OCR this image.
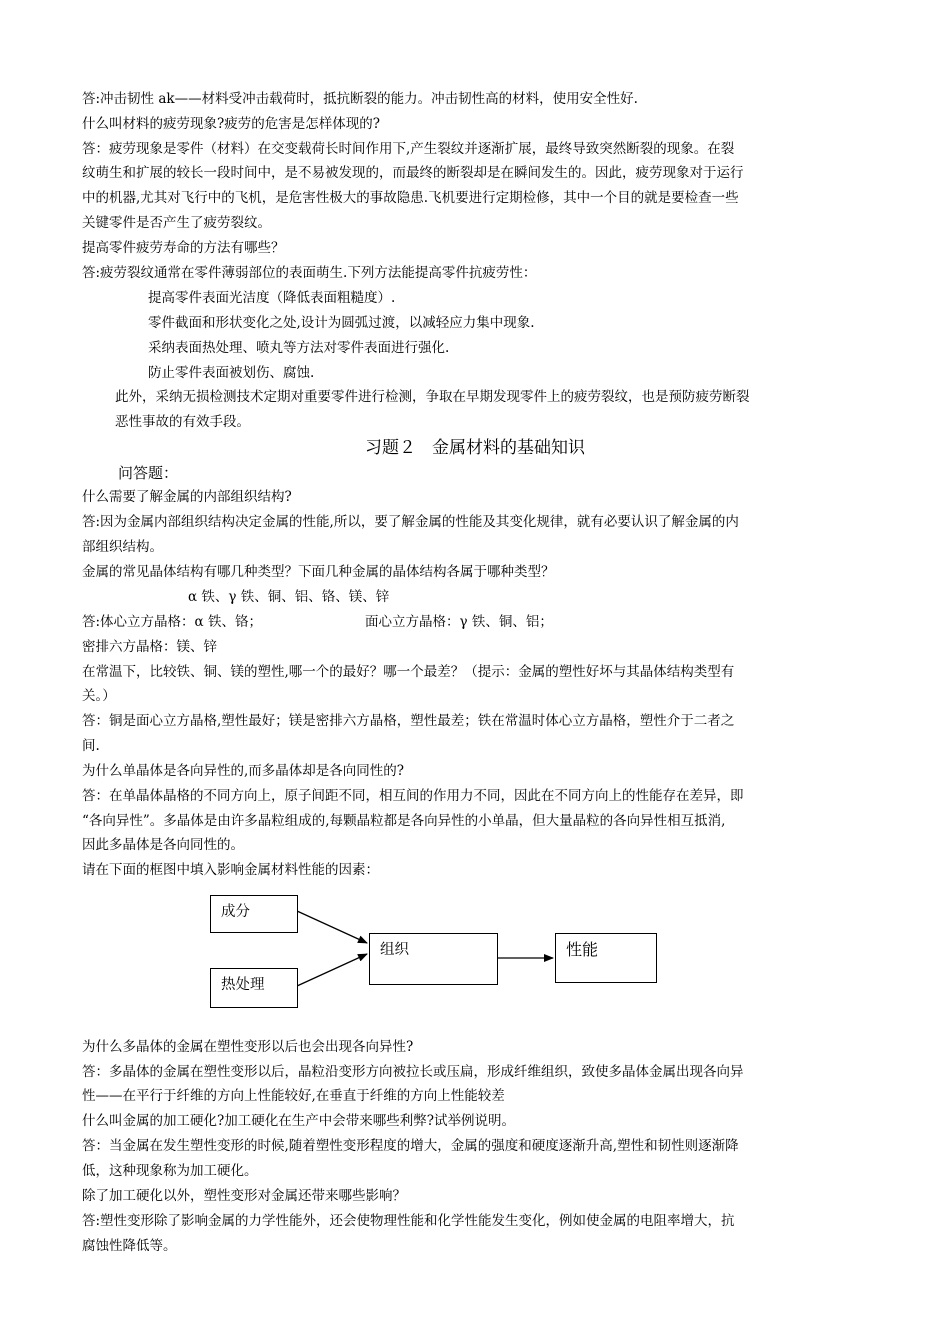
答:冲击韧性 ak——材料受冲击载荷时，抵抗断裂的能力。冲击韧性高的材料，使用安全性好.
什么叫材料的疲劳现象?疲劳的危害是怎样体现的?
答：疲劳现象是零件（材料）在交变载荷长时间作用下,产生裂纹并逐渐扩展，最终导致突然断裂的现象。在裂
纹萌生和扩展的较长一段时间中，是不易被发现的，而最终的断裂却是在瞬间发生的。因此，疲劳现象对于运行
中的机器,尤其对飞行中的飞机，是危害性极大的事故隐患.飞机要进行定期检修，其中一个目的就是要检查一些
关键零件是否产生了疲劳裂纹。
提高零件疲劳寿命的方法有哪些？
答:疲劳裂纹通常在零件薄弱部位的表面萌生.下列方法能提高零件抗疲劳性：
提高零件表面光洁度（降低表面粗糙度）.
零件截面和形状变化之处,设计为圆弧过渡，以减轻应力集中现象.
采纳表面热处理、喷丸等方法对零件表面进行强化.
防止零件表面被划伤、腐蚀.
此外，采纳无损检测技术定期对重要零件进行检测，争取在早期发现零件上的疲劳裂纹，也是预防疲劳断裂
恶性事故的有效手段。
习题２ 金属材料的基础知识
问答题：
什么需要了解金属的内部组织结构?
答:因为金属内部组织结构决定金属的性能,所以，要了解金属的性能及其变化规律，就有必要认识了解金属的内
部组织结构。
金属的常见晶体结构有哪几种类型？下面几种金属的晶体结构各属于哪种类型？
α 铁、γ 铁、铜、铝、铬、镁、锌
答:体心立方晶格：α 铁、铬；	面心立方晶格：γ 铁、铜、铝；
密排六方晶格：镁、锌
在常温下，比较铁、铜、镁的塑性,哪一个的最好？哪一个最差？（提示：金属的塑性好坏与其晶体结构类型有
关。）
答：铜是面心立方晶格,塑性最好；镁是密排六方晶格，塑性最差；铁在常温时体心立方晶格，塑性介于二者之
间.
为什么单晶体是各向异性的,而多晶体却是各向同性的?
答：在单晶体晶格的不同方向上，原子间距不同，相互间的作用力不同，因此在不同方向上的性能存在差异，即
“各向异性”。多晶体是由许多晶粒组成的,每颗晶粒都是各向异性的小单晶，但大量晶粒的各向异性相互抵消,
因此多晶体是各向同性的。
请在下面的框图中填入影响金属材料性能的因素：
成分
热处理
组织	性能
为什么多晶体的金属在塑性变形以后也会出现各向异性?
答：多晶体的金属在塑性变形以后，晶粒沿变形方向被拉长或压扁，形成纤维组织，致使多晶体金属出现各向异
性——在平行于纤维的方向上性能较好,在垂直于纤维的方向上性能较差
什么叫金属的加工硬化?加工硬化在生产中会带来哪些利弊?试举例说明。
答：当金属在发生塑性变形的时候,随着塑性变形程度的增大，金属的强度和硬度逐渐升高,塑性和韧性则逐渐降
低，这种现象称为加工硬化。
除了加工硬化以外，塑性变形对金属还带来哪些影响？
答:塑性变形除了影响金属的力学性能外，还会使物理性能和化学性能发生变化，例如使金属的电阻率增大，抗
腐蚀性降低等。
